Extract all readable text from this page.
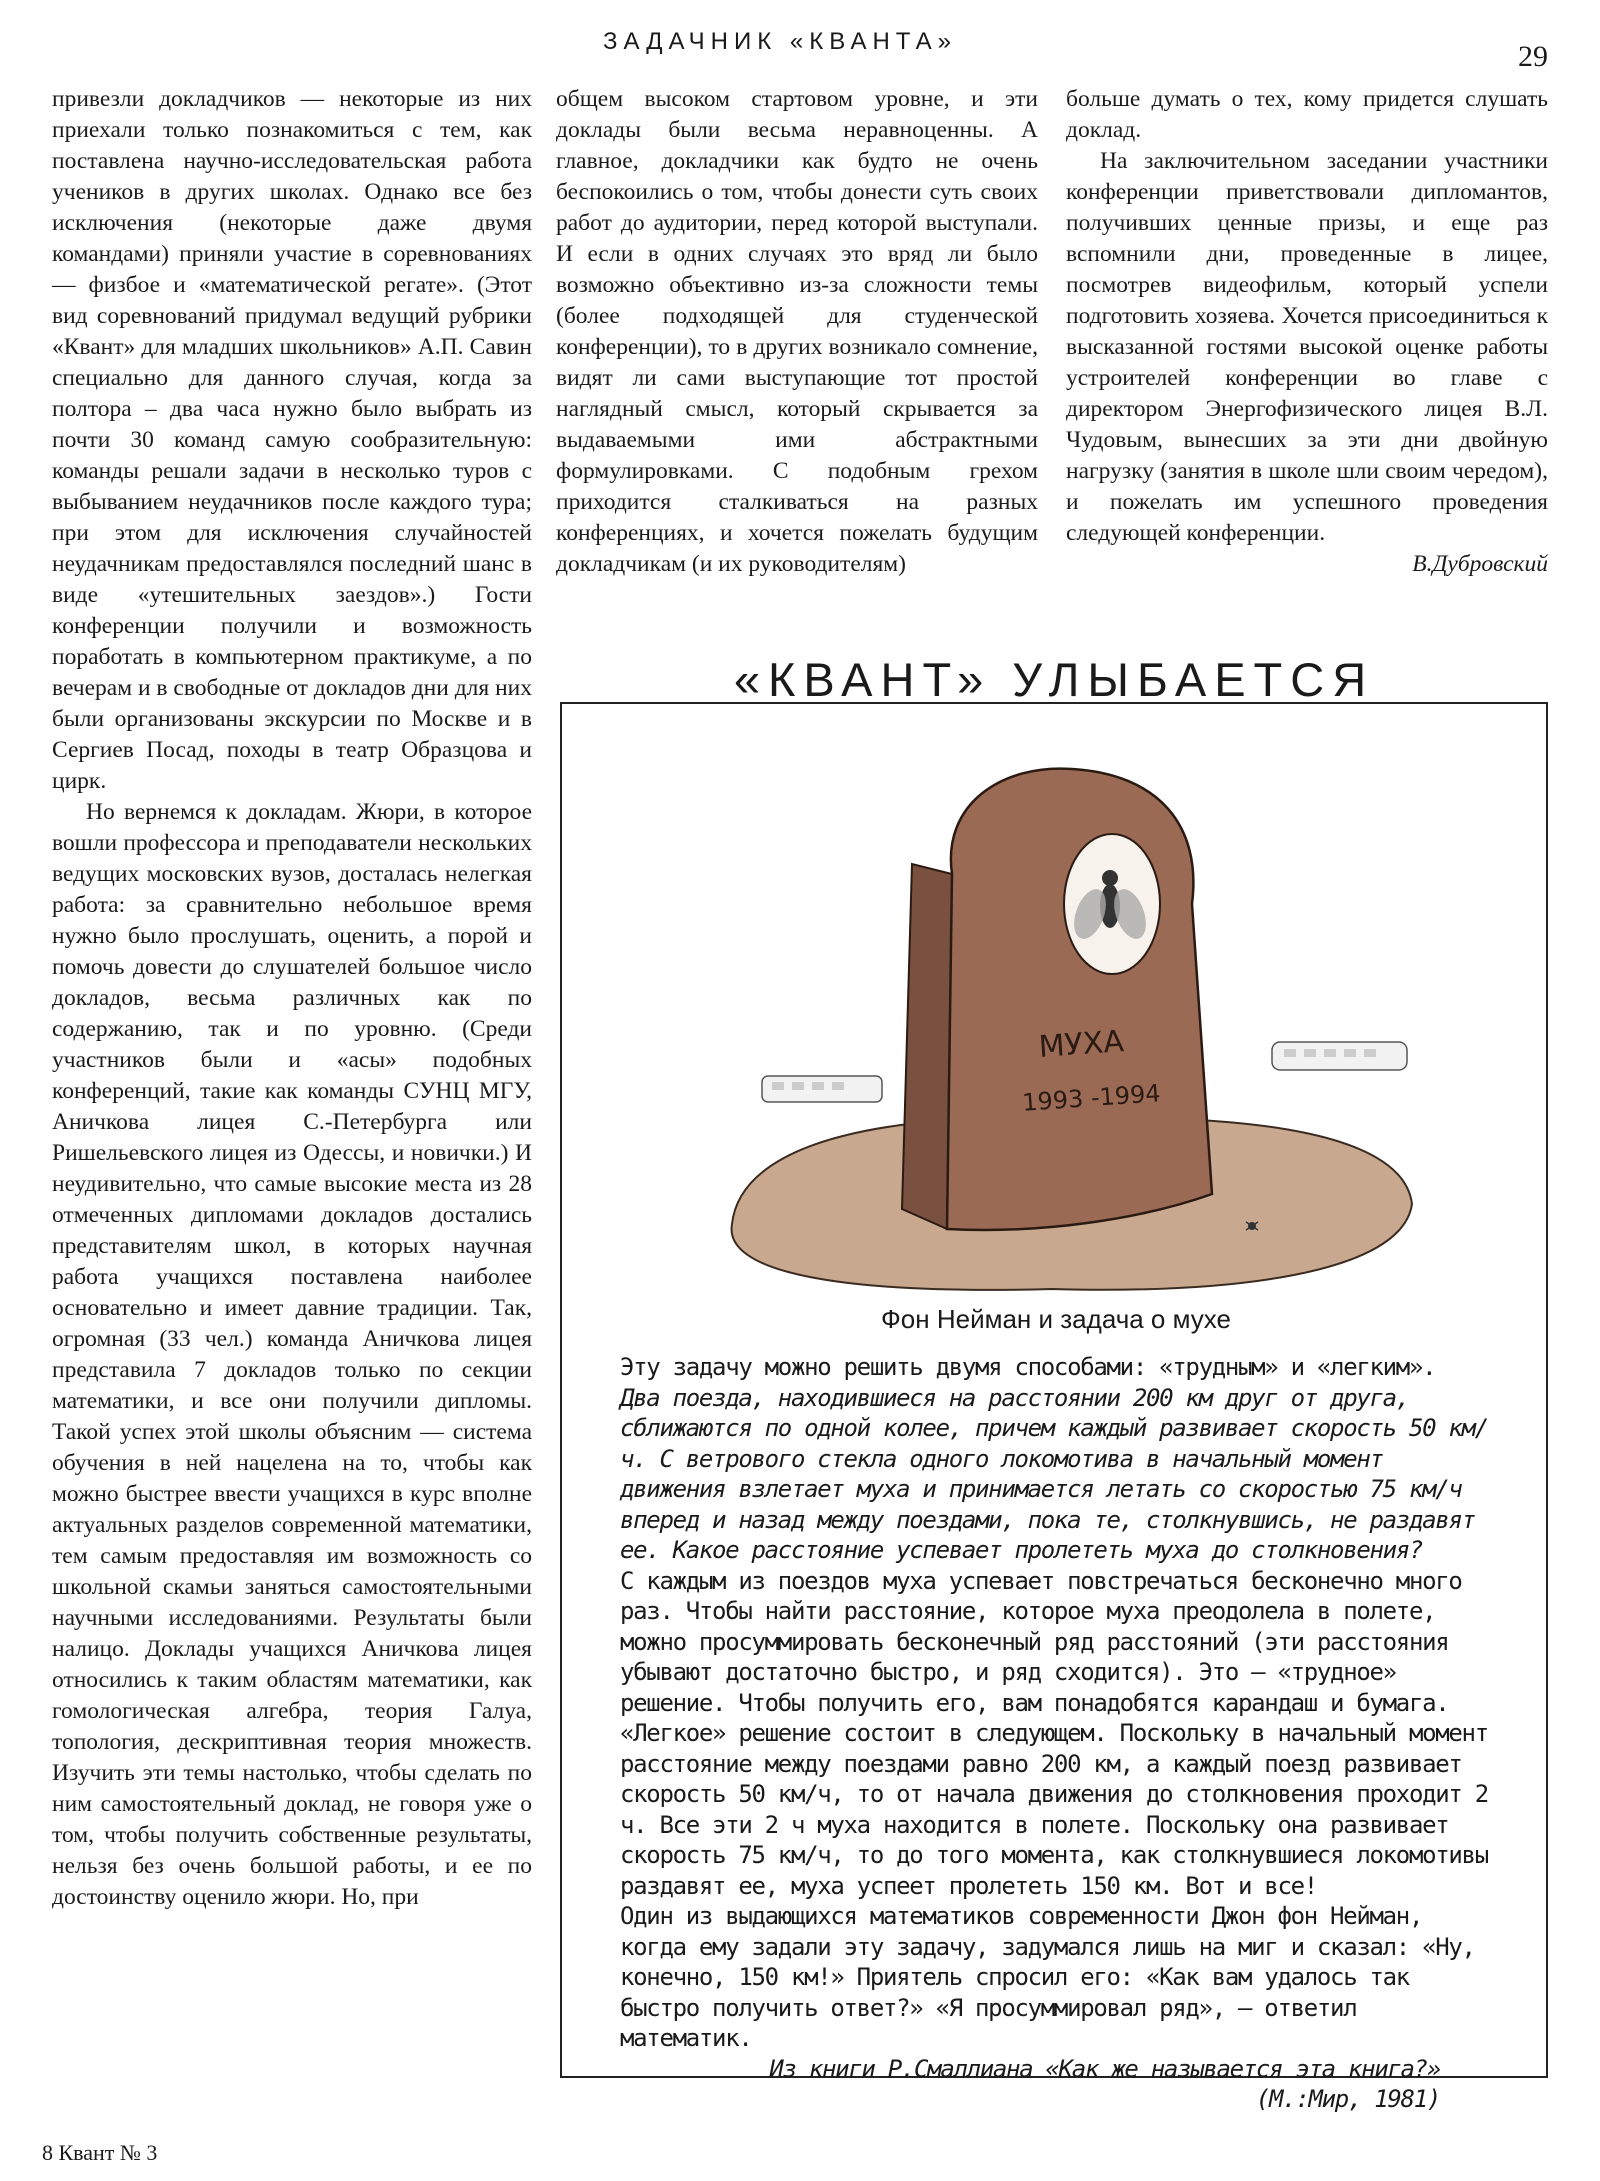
ЗАДАЧНИК «КВАНТА»	29

привезли докладчиков — некоторые из них приехали только познакомиться с тем, как поставлена научно-исследовательская работа учеников в других школах. Однако все без исключения (некоторые даже двумя командами) приняли участие в соревнованиях — физбое и «математической регате». (Этот вид соревнований придумал ведущий рубрики «Квант» для младших школьников» А.П. Савин специально для данного случая, когда за полтора – два часа нужно было выбрать из почти 30 команд самую сообразительную: команды решали задачи в несколько туров с выбыванием неудачников после каждого тура; при этом для исключения случайностей неудачникам предоставлялся последний шанс в виде «утешительных заездов».) Гости конференции получили и возможность поработать в компьютерном практикуме, а по вечерам и в свободные от докладов дни для них были организованы экскурсии по Москве и в Сергиев Посад, походы в театр Образцова и цирк.

Но вернемся к докладам. Жюри, в которое вошли профессора и преподаватели нескольких ведущих московских вузов, досталась нелегкая работа: за сравнительно небольшое время нужно было прослушать, оценить, а порой и помочь довести до слушателей большое число докладов, весьма различных как по содержанию, так и по уровню. (Среди участников были и «асы» подобных конференций, такие как команды СУНЦ МГУ, Аничкова лицея С.-Петербурга или Ришельевского лицея из Одессы, и новички.) И неудивительно, что самые высокие места из 28 отмеченных дипломами докладов достались представителям школ, в которых научная работа учащихся поставлена наиболее основательно и имеет давние традиции. Так, огромная (33 чел.) команда Аничкова лицея представила 7 докладов только по секции математики, и все они получили дипломы. Такой успех этой школы объясним — система обучения в ней нацелена на то, чтобы как можно быстрее ввести учащихся в курс вполне актуальных разделов современной математики, тем самым предоставляя им возможность со школьной скамьи заняться самостоятельными научными исследованиями. Результаты были налицо. Доклады учащихся Аничкова лицея относились к таким областям математики, как гомологическая алгебра, теория Галуа, топология, дескриптивная теория множеств. Изучить эти темы настолько, чтобы сделать по ним самостоятельный доклад, не говоря уже о том, чтобы получить собственные результаты, нельзя без очень большой работы, и ее по достоинству оценило жюри. Но, при

общем высоком стартовом уровне, и эти доклады были весьма неравноценны. А главное, докладчики как будто не очень беспокоились о том, чтобы донести суть своих работ до аудитории, перед которой выступали. И если в одних случаях это вряд ли было возможно объективно из-за сложности темы (более подходящей для студенческой конференции), то в других возникало сомнение, видят ли сами выступающие тот простой наглядный смысл, который скрывается за выдаваемыми ими абстрактными формулировками. С подобным грехом приходится сталкиваться на разных конференциях, и хочется пожелать будущим докладчикам (и их руководителям)

больше думать о тех, кому придется слушать доклад.

На заключительном заседании участники конференции приветствовали дипломантов, получивших ценные призы, и еще раз вспомнили дни, проведенные в лицее, посмотрев видеофильм, который успели подготовить хозяева. Хочется присоединиться к высказанной гостями высокой оценке работы устроителей конференции во главе с директором Энергофизического лицея В.Л. Чудовым, вынесших за эти дни двойную нагрузку (занятия в школе шли своим чередом), и пожелать им успешного проведения следующей конференции.

В.Дубровский

«КВАНТ» УЛЫБАЕТСЯ
МУХА
1993 -1994
Фон Нейман и задача о мухе

Эту задачу можно решить двумя способами: «трудным» и «легким».

Два поезда, находившиеся на расстоянии 200 км друг от друга, сближаются по одной колее, причем каждый развивает скорость 50 км/ч. С ветрового стекла одного локомотива в начальный момент движения взлетает муха и принимается летать со скоростью 75 км/ч вперед и назад между поездами, пока те, столкнувшись, не раздавят ее. Какое расстояние успевает пролететь муха до столкновения?

С каждым из поездов муха успевает повстречаться бесконечно много раз. Чтобы найти расстояние, которое муха преодолела в полете, можно просуммировать бесконечный ряд расстояний (эти расстояния убывают достаточно быстро, и ряд сходится). Это — «трудное» решение. Чтобы получить его, вам понадобятся карандаш и бумага.

«Легкое» решение состоит в следующем. Поскольку в начальный момент расстояние между поездами равно 200 км, а каждый поезд развивает скорость 50 км/ч, то от начала движения до столкновения проходит 2 ч. Все эти 2 ч муха находится в полете. Поскольку она развивает скорость 75 км/ч, то до того момента, как столкнувшиеся локомотивы раздавят ее, муха успеет пролететь 150 км. Вот и все!

Один из выдающихся математиков современности Джон фон Нейман, когда ему задали эту задачу, задумался лишь на миг и сказал: «Ну, конечно, 150 км!» Приятель спросил его: «Как вам удалось так быстро получить ответ?» «Я просуммировал ряд», — ответил математик.

Из книги Р.Смаллиана «Как же называется эта книга?»

(М.:Мир, 1981)

8 Квант № 3
